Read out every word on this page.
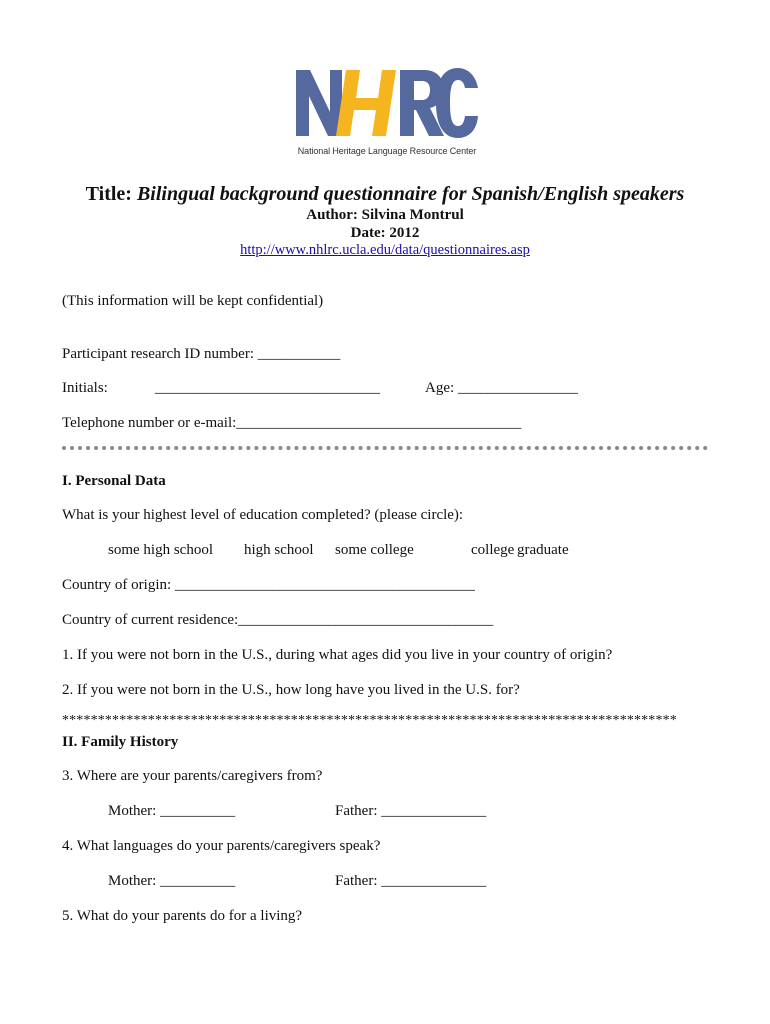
National Heritage Language Resource Center
Title: Bilingual background questionnaire for Spanish/English speakers
Author: Silvina Montrul
Date: 2012
http://www.nhlrc.ucla.edu/data/questionnaires.asp
(This information will be kept confidential)
Participant research ID number: ___________
Initials:	______________________________	Age: ________________
Telephone number or e-mail:______________________________________
I. Personal Data
What is your highest level of education completed? (please circle):
some high school high school some college	college graduate
Country of origin: ________________________________________
Country of current residence:__________________________________
1. If you were not born in the U.S., during what ages did you live in your country of origin?
2. If you were not born in the U.S., how long have you lived in the U.S. for?
**************************************************************************************
II. Family History
3. Where are your parents/caregivers from?
Mother: __________	Father: ______________
4. What languages do your parents/caregivers speak?
Mother: __________	Father: ______________
5. What do your parents do for a living?
